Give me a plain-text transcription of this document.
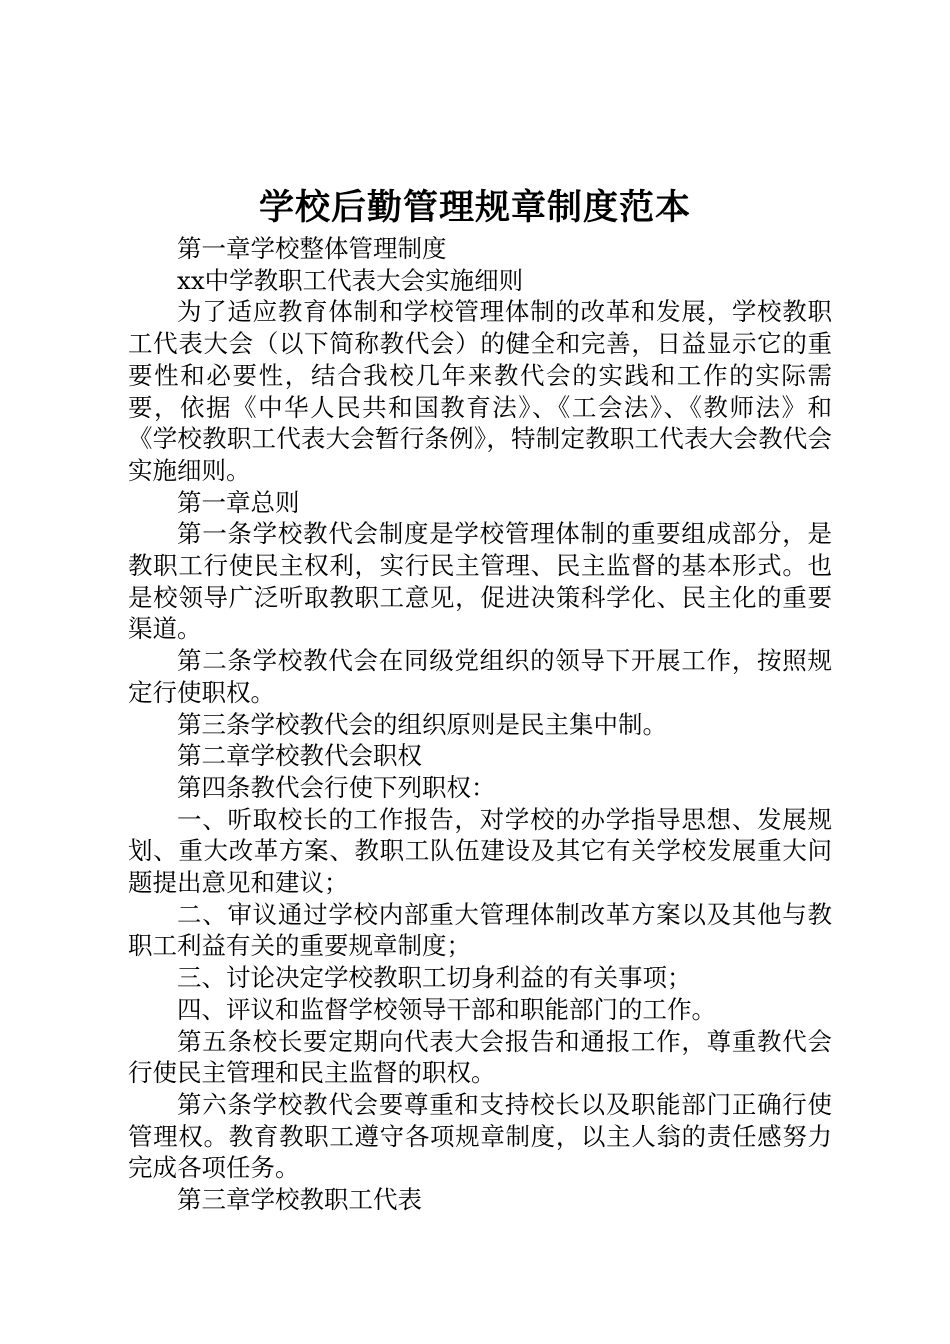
学校后勤管理规章制度范本

第一章学校整体管理制度

xx中学教职工代表大会实施细则

为了适应教育体制和学校管理体制的改革和发展，学校教职工代表大会（以下简称教代会）的健全和完善，日益显示它的重要性和必要性，结合我校几年来教代会的实践和工作的实际需要，依据《中华人民共和国教育法》、《工会法》、《教师法》和《学校教职工代表大会暂行条例》，特制定教职工代表大会教代会实施细则。

第一章总则

第一条学校教代会制度是学校管理体制的重要组成部分，是教职工行使民主权利，实行民主管理、民主监督的基本形式。也是校领导广泛听取教职工意见，促进决策科学化、民主化的重要渠道。

第二条学校教代会在同级党组织的领导下开展工作，按照规定行使职权。

第三条学校教代会的组织原则是民主集中制。

第二章学校教代会职权

第四条教代会行使下列职权：

一、听取校长的工作报告，对学校的办学指导思想、发展规划、重大改革方案、教职工队伍建设及其它有关学校发展重大问题提出意见和建议；

二、审议通过学校内部重大管理体制改革方案以及其他与教职工利益有关的重要规章制度；

三、讨论决定学校教职工切身利益的有关事项；

四、评议和监督学校领导干部和职能部门的工作。

第五条校长要定期向代表大会报告和通报工作，尊重教代会行使民主管理和民主监督的职权。

第六条学校教代会要尊重和支持校长以及职能部门正确行使管理权。教育教职工遵守各项规章制度，以主人翁的责任感努力完成各项任务。

第三章学校教职工代表
